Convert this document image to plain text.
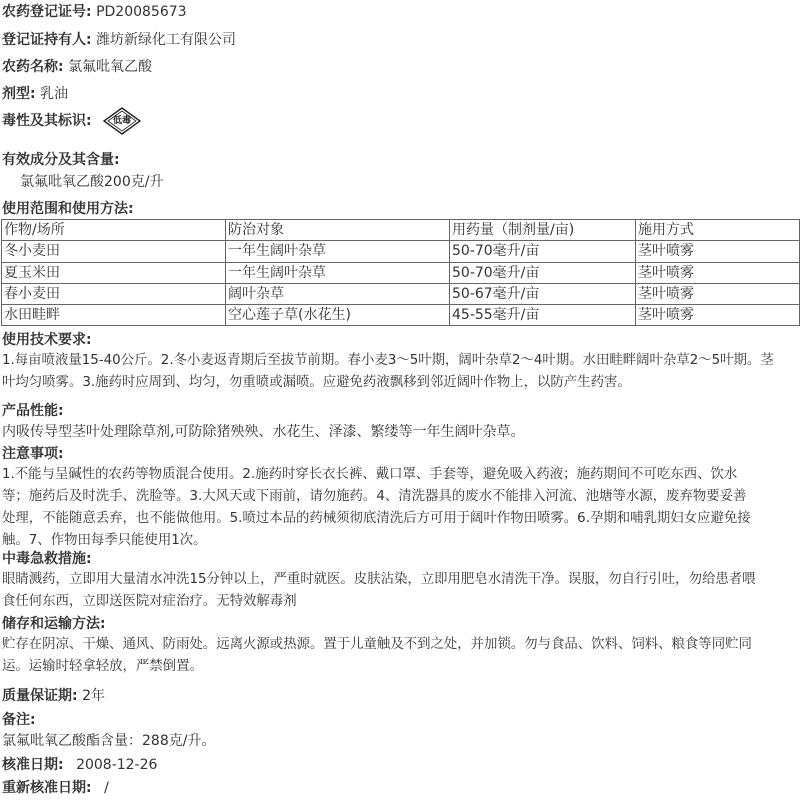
农药登记证号: PD20085673
登记证持有人: 潍坊新绿化工有限公司
农药名称: 氯氟吡氧乙酸
剂型: 乳油
毒性及其标识:	低毒
有效成分及其含量:
氯氟吡氧乙酸200克/升
使用范围和使用方法:
作物/场所	防治对象	用药量（制剂量/亩)	施用方式
冬小麦田	一年生阔叶杂草	50-70毫升/亩	茎叶喷雾
夏玉米田	一年生阔叶杂草	50-70毫升/亩	茎叶喷雾
春小麦田	阔叶杂草	50-67毫升/亩	茎叶喷雾
水田畦畔	空心莲子草(水花生)	45-55毫升/亩	茎叶喷雾
使用技术要求:
1.每亩喷液量15-40公斤。2.冬小麦返青期后至拔节前期。春小麦3～5叶期，阔叶杂草2～4叶期。水田畦畔阔叶杂草2～5叶期。茎
叶均匀喷雾。3.施药时应周到、均匀，勿重喷或漏喷。应避免药液飘移到邻近阔叶作物上，以防产生药害。
产品性能:
内吸传导型茎叶处理除草剂,可防除猪殃殃、水花生、泽漆、繁缕等一年生阔叶杂草。
注意事项:
1.不能与呈碱性的农药等物质混合使用。2.施药时穿长衣长裤、戴口罩、手套等，避免吸入药液；施药期间不可吃东西、饮水
等；施药后及时洗手、洗脸等。3.大风天或下雨前，请勿施药。4、清洗器具的废水不能排入河流、池塘等水源，废弃物要妥善
处理，不能随意丢弃，也不能做他用。5.喷过本品的药械须彻底清洗后方可用于阔叶作物田喷雾。6.孕期和哺乳期妇女应避免接
触。7、作物田每季只能使用1次。
中毒急救措施:
眼睛溅药，立即用大量清水冲洗15分钟以上，严重时就医。皮肤沾染，立即用肥皂水清洗干净。误服，勿自行引吐，勿给患者喂
食任何东西，立即送医院对症治疗。无特效解毒剂
储存和运输方法:
贮存在阴凉、干燥、通风、防雨处。远离火源或热源。置于儿童触及不到之处，并加锁。勿与食品、饮料、饲料、粮食等同贮同
运。运输时轻拿轻放，严禁倒置。
质量保证期: 2年
备注:
氯氟吡氧乙酸酯含量：288克/升。
核准日期: 2008-12-26
重新核准日期: /
